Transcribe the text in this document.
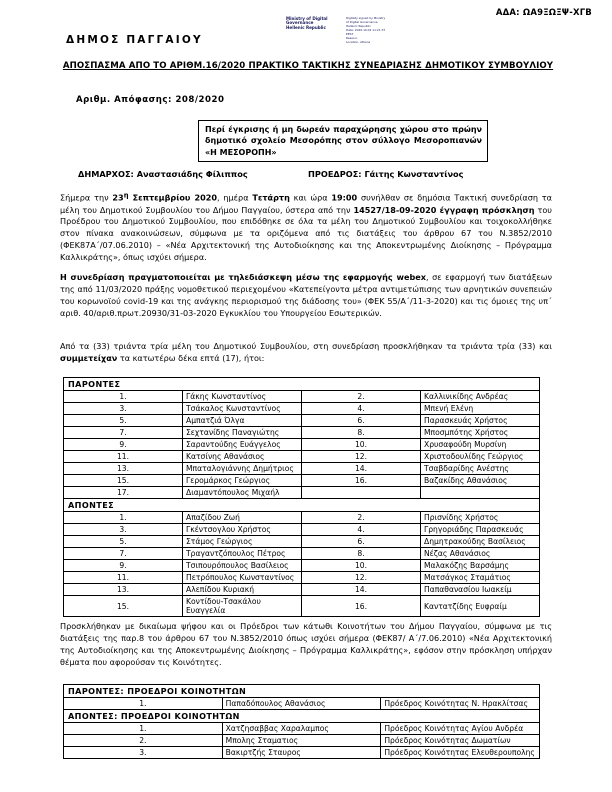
ΑΔΑ: ΩΑ9ΞΩΞΨ-ΧΓΒ
Ministry of Digital
Governance
Hellenic Republic
Digitally signed by Ministry
of Digital Governance,
Hellenic Republic
Date: 2020.10.02 11:21:37
EEST
Reason:
Location: Athens
ΔΗΜΟΣ ΠΑΓΓΑΙΟΥ
ΑΠΟΣΠΑΣΜΑ ΑΠΟ ΤΟ ΑΡΙΘΜ.16/2020 ΠΡΑΚΤΙΚΟ ΤΑΚΤΙΚΗΣ ΣΥΝΕΔΡΙΑΣΗΣ ΔΗΜΟΤΙΚΟΥ ΣΥΜΒΟΥΛΙΟΥ
Αριθμ. Απόφασης: 208/2020
Περί έγκρισης ή μη δωρεάν παραχώρησης χώρου στο πρώην δημοτικό σχολείο Μεσορόπης στον σύλλογο Μεσοροπιανών «Η ΜΕΣΟΡΟΠΗ»
ΔΗΜΑΡΧΟΣ: Αναστασιάδης Φίλιππος	ΠΡΟΕΔΡΟΣ: Γάιτης Κωνσταντίνος
Σήμερα την $23^\eta$ Σεπτεμβρίου 2020, ημέρα Τετάρτη και ώρα 19:00 συνήλθαν σε δημόσια Τακτική συνεδρίαση τα μέλη του Δημοτικού Συμβουλίου του Δήμου Παγγαίου, ύστερα από την 14527/18-09-2020 έγγραφη πρόσκληση του Προέδρου του Δημοτικού Συμβουλίου, που επιδόθηκε σε όλα τα μέλη του Δημοτικού Συμβουλίου και τοιχοκολλήθηκε στον πίνακα ανακοινώσεων, σύμφωνα με τα οριζόμενα από τις διατάξεις του άρθρου 67 του Ν.3852/2010 (ΦΕΚ87Α΄/07.06.2010) – «Νέα Αρχιτεκτονική της Αυτοδιοίκησης και της Αποκεντρωμένης Διοίκησης – Πρόγραμμα Καλλικράτης», όπως ισχύει σήμερα.
Η συνεδρίαση πραγματοποιείται με τηλεδιάσκεψη μέσω της εφαρμογής webex, σε εφαρμογή των διατάξεων της από 11/03/2020 πράξης νομοθετικού περιεχομένου «Κατεπείγοντα μέτρα αντιμετώπισης των αρνητικών συνεπειών του κορωνοϊού covid-19 και της ανάγκης περιορισμού της διάδοσης του» (ΦΕΚ 55/Α΄/11-3-2020) και τις όμοιες της υπ΄ αριθ. 40/αριθ.πρωτ.20930/31-03-2020 Εγκυκλίου του Υπουργείου Εσωτερικών.
Από τα (33) τριάντα τρία μέλη του Δημοτικού Συμβουλίου, στη συνεδρίαση προσκλήθηκαν τα τριάντα τρία (33) και συμμετείχαν τα κατωτέρω δέκα επτά (17), ήτοι:
ΠΑΡΟΝΤΕΣ			
1.	Γάκης Κωνσταντίνος	2.	Καλλινικίδης Ανδρέας
3.	Τσάκαλος Κωνσταντίνος	4.	Μπενή Ελένη
5.	Αμπατζιά Όλγα	6.	Παρασκευάς Χρήστος
7.	Σεχτανίδης Παναγιώτης	8.	Μποσμπότης Χρήστος
9.	Σαραντούδης Ευάγγελος	10.	Χρυσαφούδη Μυρσίνη
11.	Κατσίνης Αθανάσιος	12.	Χριστοδουλίδης Γεώργιος
13.	Μπαταλογιάννης Δημήτριος	14.	Τσαβδαρίδης Ανέστης
15.	Γερομάρκος Γεώργιος	16.	Βαζακίδης Αθανάσιος
17.	Διαμαντόπουλος Μιχαήλ		
ΑΠΟΝΤΕΣ			
1.	Απαζίδου Ζωή	2.	Πρισνίδης Χρήστος
3.	Γκέντσογλου Χρήστος	4.	Γρηγοριάδης Παρασκευάς
5.	Στάμος Γεώργιος	6.	Δημητρακούδης Βασίλειος
7.	Τραγαντζόπουλος Πέτρος	8.	Νέζας Αθανάσιος
9.	Τσιπουρόπουλος Βασίλειος	10.	Μαλακόζης Βαρσάμης
11.	Πετρόπουλος Κωνσταντίνος	12.	Ματσάγκος Σταμάτιος
13.	Αλεπίδου Κυριακή	14.	Παπαθανασίου Ιωακείμ
15.	Κοντίδου-Τσακάλου Ευαγγελία	16.	Καντατζίδης Ευφραίμ
Προσκλήθηκαν με δικαίωμα ψήφου και οι Πρόεδροι των κάτωθι Κοινοτήτων του Δήμου Παγγαίου, σύμφωνα με τις διατάξεις της παρ.8 του άρθρου 67 του Ν.3852/2010 όπως ισχύει σήμερα (ΦΕΚ87/ Α΄/7.06.2010) «Νέα Αρχιτεκτονική της Αυτοδιοίκησης και της Αποκεντρωμένης Διοίκησης – Πρόγραμμα Καλλικράτης», εφόσον στην πρόσκληση υπήρχαν θέματα που αφορούσαν τις Κοινότητες.
ΠΑΡΟΝΤΕΣ: ΠΡΟΕΔΡΟΙ ΚΟΙΝΟΤΗΤΩΝ		
1.	Παπαδόπουλος Αθανάσιος	Πρόεδρος Κοινότητας Ν. Ηρακλίτσας
ΑΠΟΝΤΕΣ: ΠΡΟΕΔΡΟΙ ΚΟΙΝΟΤΗΤΩΝ		
1.	Χατζησαββας Χαραλαμπος	Πρόεδρος Κοινότητας Αγίου Ανδρέα
2.	Μπολης Σταματιος	Πρόεδρος Κοινότητας Δωματίων
3.	Βακιρτζής Σταυρος	Πρόεδρος Κοινότητας Ελευθερουπολης
